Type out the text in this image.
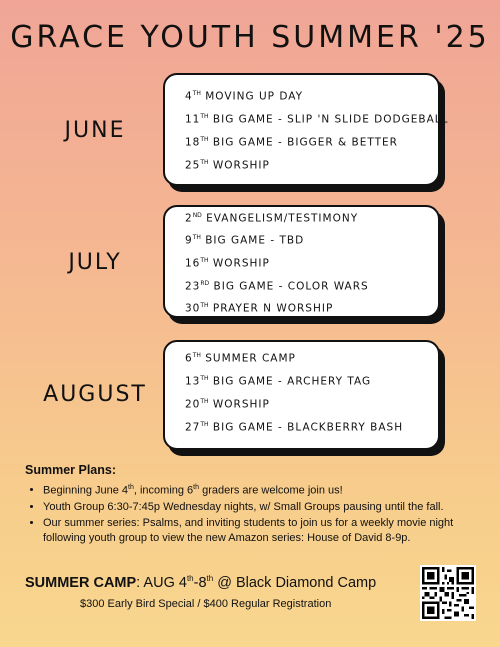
GRACE YOUTH SUMMER '25
JUNE
4TH MOVING UP DAY
11TH BIG GAME - SLIP 'N SLIDE DODGEBALL
18TH BIG GAME - BIGGER & BETTER
25TH WORSHIP
JULY
2ND EVANGELISM/TESTIMONY
9TH BIG GAME - TBD
16TH WORSHIP
23RD BIG GAME - COLOR WARS
30TH PRAYER N WORSHIP
AUGUST
6TH SUMMER CAMP
13TH BIG GAME - ARCHERY TAG
20TH WORSHIP
27TH BIG GAME - BLACKBERRY BASH
Summer Plans:
• Beginning June 4th, incoming 6th graders are welcome join us!
• Youth Group 6:30-7:45p Wednesday nights, w/ Small Groups pausing until the fall.
• Our summer series: Psalms, and inviting students to join us for a weekly movie night following youth group to view the new Amazon series: House of David 8-9p.
SUMMER CAMP: AUG 4th-8th @ Black Diamond Camp
$300 Early Bird Special / $400 Regular Registration
